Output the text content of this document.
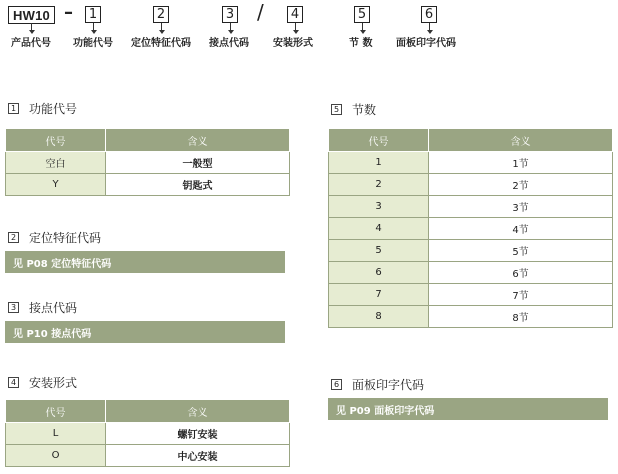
HW10 – 1	2	3 / 4	5	6
产品代号 功能代号 定位特征代码 接点代码 安装形式	节 数 面板印字代码
1 功能代号
代号	含义
空白	一般型
Y	钥匙式
2 定位特征代码
见 P08 定位特征代码
3 接点代码
见 P10 接点代码
4 安装形式
代号	含义
L	螺钉安装
O	中心安装
5 节数
代号	含义
1	1节
2	2节
3	3节
4	4节
5	5节
6	6节
7	7节
8	8节
6 面板印字代码
见 P09 面板印字代码
